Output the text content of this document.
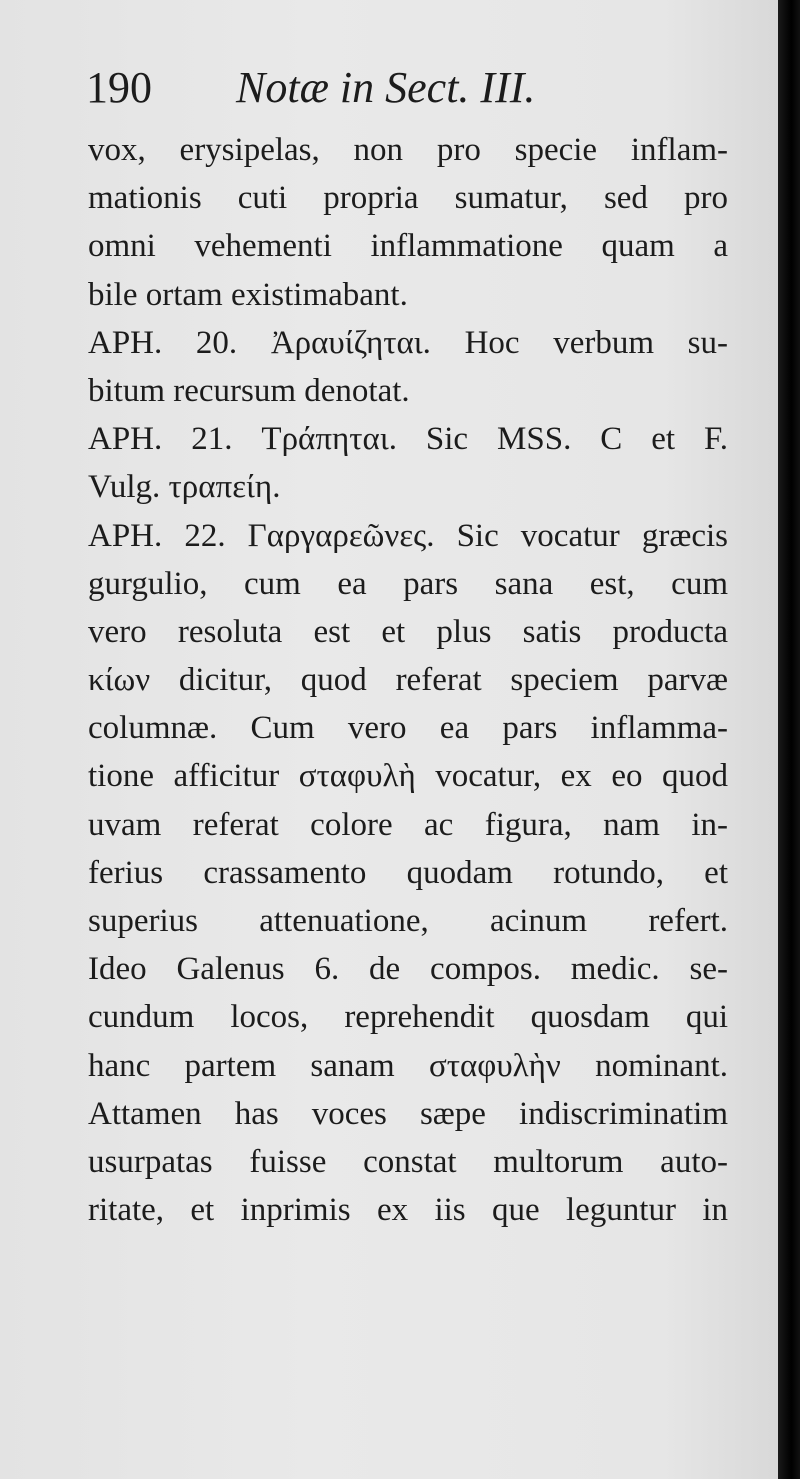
190 Notæ in Sect. III.
vox, erysipelas, non pro specie inflam-
mationis cuti propria sumatur, sed pro
omni vehementi inflammatione quam a
bile ortam existimabant.
APH. 20. Ἀραυίζηται. Hoc verbum su-
bitum recursum denotat.
APH. 21. Τράπηται. Sic MSS. C et F.
Vulg. τραπείη.
APH. 22. Γαργαρεῶνες. Sic vocatur græcis
gurgulio, cum ea pars sana est, cum
vero resoluta est et plus satis producta
κίων dicitur, quod referat speciem parvæ
columnæ. Cum vero ea pars inflamma-
tione afficitur σταφυλὴ vocatur, ex eo quod
uvam referat colore ac figura, nam in-
ferius crassamento quodam rotundo, et
superius attenuatione, acinum refert.
Ideo Galenus 6. de compos. medic. se-
cundum locos, reprehendit quosdam qui
hanc partem sanam σταφυλὴν nominant.
Attamen has voces sæpe indiscriminatim
usurpatas fuisse constat multorum auto-
ritate, et inprimis ex iis que leguntur in
